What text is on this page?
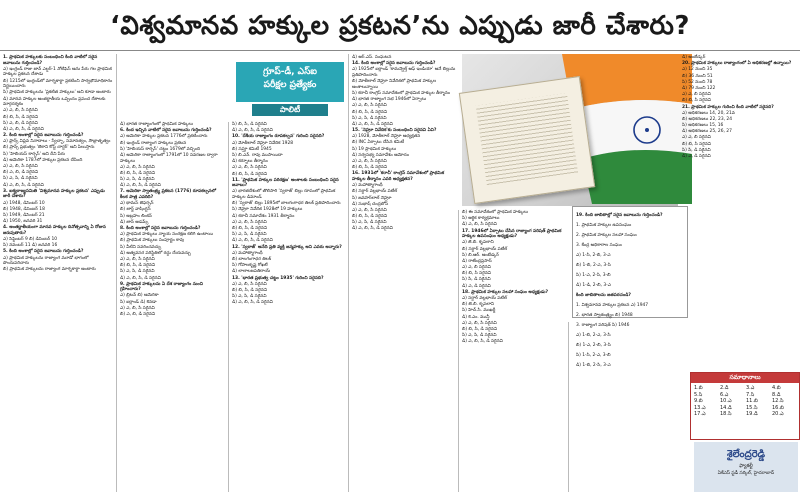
‘విశ్వమానవ హక్కుల ప్రకటన’ను ఎప్పుడు జారీ చేశారు?
గ్రూప్-డీ, ఎస్‌ఐ
పరీక్షల ప్రత్యేకం
పాలిటీ

1. ప్రాథమిక హక్కులకు సంబంధించి కింది వాటిలో సరైన జవాబును గుర్తించండి?

ఎ) ఇంగ్లండ్ రాజు జాన్ ఎల్డర్-1 నోటిఫెస్ అను పేరు గల ప్రాథమిక హక్కుల ప్రకటన చేశాడు

బి) 1215లో ఇంగ్లండ్‌లో మాగ్నకార్టా ప్రకటించి సార్వభౌమాధికారం నిర్ణయించారు

సి) ప్రాథమిక హక్కులను 'ప్రకటిత హక్కులు' అని కూడా అంటారు

డి) మానవ హక్కుల అంతర్జాతీయ ఒప్పందం ప్రపంచ దేశాలకు మార్గదర్శకం

ఎ) ఎ, బి, సి సరైనవి

బి) బి, సి, డి సరైనవి

సి) ఎ, బి, డి సరైనవి

డి) ఎ, బి, సి, డి సరైనవి

2. కింది అంశాల్లో సరైన జవాబును గుర్తించండి?

ఎ) ఫ్రాన్స్ విప్లవ నినాదాలు - స్వేచ్ఛా, సమానత్వం, సౌభ్రాతృత్వం

బి) ప్రాన్స్ ప్రభుత్వం 'బెకాని కోస్ట్ చార్టర్' అని పిలుస్తారు

సి) 'హెబియస్ కార్పస్' అని దీని పేరు

డి) అమెరికా 1787లో హక్కుల ప్రకటన చేసింది

ఎ) ఎ, బి, సి సరైనవి

బి) ఎ, బి, డి సరైనవి

సి) ఎ, సి, డి సరైనవి

డి) ఎ, బి, సి, డి సరైనవి

3. ఐక్యరాజ్యసమితి 'విశ్వమానవ హక్కుల ప్రకటన' ఎప్పుడు జారీ చేశారు?

ఎ) 1948, డిసెంబర్ 10

బి) 1948, డిసెంబర్ 18

సి) 1949, డిసెంబర్ 21

డి) 1950, జనవరి 31

4. అంతర్జాతీయంగా మానవ హక్కుల దినోత్సవాన్ని ఏ రోజున జరుపుతారు?

ఎ) సెప్టెంబర్ 9 బి) డిసెంబర్ 10

సి) నవంబర్ 11 డి) జనవరి 16

5. కింది అంశాల్లో సరైన జవాబును గుర్తించండి?

ఎ) ప్రాథమిక హక్కులను రాజ్యాంగ మూడో భాగంలో పొందుపరిచారు

బి) ప్రాథమిక హక్కులను రాజ్యాంగ మాగ్నకార్టా అంటారు

డి) భారత రాజ్యాంగంలో ప్రాథమిక హక్కులు

6. కింద ఇచ్చిన వాటిలో సరైన జవాబును గుర్తించండి?

ఎ) అమెరికా హక్కుల ప్రకటన 1776లో ప్రకటించారు

బి) ఇంగ్లండ్ రాజ్యాంగ హక్కులు ప్రకటన

సి) 'హెబియస్ కార్పస్' చట్టం 1679లో వచ్చింది

డి) అమెరికా రాజ్యాంగంలో 1791లో 10 సవరణల ద్వారా హక్కులు

ఎ) ఎ, బి, సి సరైనవి

బి) బి, సి, డి సరైనవి

సి) ఎ, సి, డి సరైనవి

డి) ఎ, బి, సి, డి సరైనవి

7. అమెరికా స్వాతంత్ర్య ప్రకటన (1776) రూపకల్పనలో కీలక పాత్ర ఎవరిది?

ఎ) థామస్ జెఫర్సన్

బి) జార్జ్ వాషింగ్టన్

సి) అబ్రహం లింకన్

డి) జాన్ ఆడమ్స్

8. కింది అంశాల్లో సరైన జవాబును గుర్తించండి?

ఎ) ప్రాథమిక హక్కులు న్యాయ సంరక్షణ కలిగి ఉంటాయి

బి) ప్రాథమిక హక్కులు సంపూర్ణం కావు

సి) వీటిని సవరించవచ్చు

డి) అత్యవసర పరిస్థితిలో రద్దు చేయవచ్చు

ఎ) ఎ, బి, సి సరైనవి

బి) బి, సి, డి సరైనవి

సి) ఎ, సి, డి సరైనవి

డి) ఎ, బి, సి, డి సరైనవి

9. ప్రాథమిక హక్కులను ఏ దేశ రాజ్యాంగం నుంచి గ్రహించారు?

ఎ) బ్రిటన్ బి) అమెరికా

సి) ఐర్లాండ్ డి) కెనడా

ఎ) ఎ, బి, సి సరైనవి

బి) ఎ, బి, డి సరైనవి

సి) బి, సి, డి సరైనవి

డి) ఎ, బి, సి, డి సరైనవి

10. 'దేశీయ రాజ్యాంగం రూపకల్పన' గురించి సరైనది?

ఎ) మోతీలాల్ నెహ్రూ నివేదిక 1928

బి) సప్రూ కమిటీ 1945

సి) బి.ఎన్. రావు ముసాయిదా

డి) కర్నూలు తీర్మానం

ఎ) ఎ, బి, సి సరైనవి

బి) బి, సి, డి సరైనవి

11. 'ప్రాథమిక హక్కుల పరిరక్షణ' అంశాలకు సంబంధించి సరైన జవాబు?

ఎ) భారతదేశంలో తొలిసారి 'స్వరాజ్' బిల్లు రూపంలో ప్రాథమిక హక్కుల డిమాండ్

బి) 'స్వరాజ్' బిల్లు 1895లో బాలగంగాధర తిలక్ ప్రతిపాదించారు

సి) నెహ్రూ నివేదిక 1928లో 19 హక్కులు

డి) కరాచీ సమావేశం 1931 తీర్మానం

ఎ) ఎ, బి, సి సరైనవి

బి) బి, సి, డి సరైనవి

సి) ఎ, సి, డి సరైనవి

డి) ఎ, బి, సి, డి సరైనవి

12. 'స్వరాజ్' అనేది ప్రతి వ్యక్తి జన్మహక్కు అని ఎవరు అన్నారు?

ఎ) మహాత్మాగాంధీ

బి) బాలగంగాధర తిలక్

సి) గోపాలకృష్ణ గోఖలే

డి) లాలాలజపతిరాయ్

13. 'భారత ప్రభుత్వ చట్టం 1935' గురించి సరైనది?

ఎ) ఎ, బి, సి సరైనవి

బి) బి, సి, డి సరైనవి

సి) ఎ, సి, డి సరైనవి

డి) ఎ, బి, సి, డి సరైనవి

డి) ఆర్.ఎస్. సంఘటన

14. కింది అంశాల్లో సరైన జవాబును గుర్తించండి?

ఎ) 1925లో ఐర్లాండ్ 'కామన్వెల్త్ ఆఫ్ ఇండియా' అనే బిల్లును ప్రతిపాదించారు

బి) మోతీలాల్ నెహ్రూ నివేదికలో ప్రాథమిక హక్కుల అంశాలున్నాయి

సి) కరాచీ కాంగ్రెస్ సమావేశంలో ప్రాథమిక హక్కుల తీర్మానం

డి) భారత రాజ్యాంగ సభ 1946లో ఏర్పాటు

ఎ) ఎ, బి, సి సరైనవి

బి) బి, సి, డి సరైనవి

సి) ఎ, సి, డి సరైనవి

డి) ఎ, బి, సి, డి సరైనవి

15. 'నెహ్రూ నివేదిక'కు సంబంధించి సరైనవి ఏవి?

ఎ) 1928, మోతీలాల్ నెహ్రూ అధ్యక్షతన

బి) INC ఏర్పాటు చేసిన కమిటీ

సి) 19 ప్రాథమిక హక్కులు

డి) సర్వసభ్య సమావేశం ఆమోదం

ఎ) ఎ, బి, సి సరైనవి

బి) బి, సి, డి సరైనవి

16. 1931లో 'కరాచీ' కాంగ్రెస్ సమావేశంలో ప్రాథమిక హక్కుల తీర్మానం ఎవరి అధ్యక్షతన?

ఎ) మహాత్మాగాంధీ

బి) సర్దార్ వల్లభాయ్ పటేల్

సి) జవహర్‌లాల్ నెహ్రూ

డి) సుభాష్ చంద్రబోస్

ఎ) ఎ, బి, సి సరైనవి

బి) బి, సి, డి సరైనవి

సి) ఎ, సి, డి సరైనవి

డి) ఎ, బి, సి, డి సరైనవి

బి) ఈ సమావేశంలో ప్రాథమిక హక్కులు

సి) ఆర్థిక కార్యక్రమాలు

డి) ఎ, బి, సి సరైనవి

17. 1946లో ఏర్పాటు చేసిన రాజ్యాంగ పరిషత్ ప్రాథమిక హక్కుల ఉపసంఘం అధ్యక్షుడు?

ఎ) జె.బి. కృపలాని

బి) సర్దార్ వల్లభాయ్ పటేల్

సి) బి.ఆర్. అంబేడ్కర్

డి) రాజేంద్రప్రసాద్

ఎ) ఎ, బి సరైనవి

బి) బి, సి సరైనవి

సి) సి, డి సరైనవి

డి) ఎ, డి సరైనవి

18. ప్రాథమిక హక్కుల సలహా సంఘం అధ్యక్షుడు?

ఎ) సర్దార్ వల్లభాయ్ పటేల్

బి) జె.బి. కృపలాని

సి) హెచ్.సి. ముఖర్జీ

డి) కె.ఎం. మున్షీ

ఎ) ఎ, బి, సి సరైనవి

బి) బి, సి, డి సరైనవి

సి) ఎ, సి, డి సరైనవి

డి) ఎ, బి, సి, డి సరైనవి

డి) అంబేడ్కర్

20. ప్రాథమిక హక్కులు రాజ్యాంగంలో ఏ అధికరణల్లో ఉన్నాయి?

ఎ) 12 నుంచి 35

బి) 36 నుంచి 51

సి) 52 నుంచి 78

డి) 79 నుంచి 122

ఎ) ఎ, బి సరైనవి

బి) బి, సి సరైనవి

21. ప్రాథమిక హక్కుల గురించి కింది వాటిలో సరైనది?

ఎ) అధికరణలు 14, 20, 21వ

బి) అధికరణలు 22, 23, 24

సి) అధికరణలు 15, 16

డి) అధికరణలు 25, 26, 27

ఎ) ఎ, బి సరైనవి

బి) బి, సి సరైనవి

సి) సి, డి సరైనవి

డి) ఎ, డి సరైనవి

19. కింది జాబితాల్లో సరైన జవాబును గుర్తించండి?

1. ప్రాథమిక హక్కుల ఉపసంఘం

2. ప్రాథమిక హక్కుల సలహా సంఘం

3. కేంద్ర అధికారాల సంఘం

ఎ) 1-సి, 2-బి, 3-ఎ

బి) 1-బి, 2-ఎ, 3-సి

సి) 1-ఎ, 2-సి, 3-బి

డి) 1-డి, 2-బి, 3-ఎ

కింది జాబితాలను జతపరచండి?

1. విశ్వమానవ హక్కుల ప్రకటన ఎ) 1947

2. భారత స్వాతంత్ర్యం బి) 1948

3. రాజ్యాంగ పరిషత్ సి) 1946

ఎ) 1-బి, 2-ఎ, 3-సి

బి) 1-ఎ, 2-బి, 3-సి

సి) 1-సి, 2-ఎ, 3-బి

డి) 1-బి, 2-సి, 3-ఎ

సమాధానాలు
1.బి	2.డి	3.ఎ	4.బి
5.సి	6.ఎ	7.సి	8.డి
9.బి	10.ఎ	11.బి	12.సి
13.ఎ	14.డి	15.సి	16.బి
17.ఎ	18.సి	19.డి	20.ఎ
శైలేంద్రరెడ్డి
ఫ్యాకల్టీ
ఏకేఎస్ స్టడీ సర్కిల్, హైదరాబాద్
